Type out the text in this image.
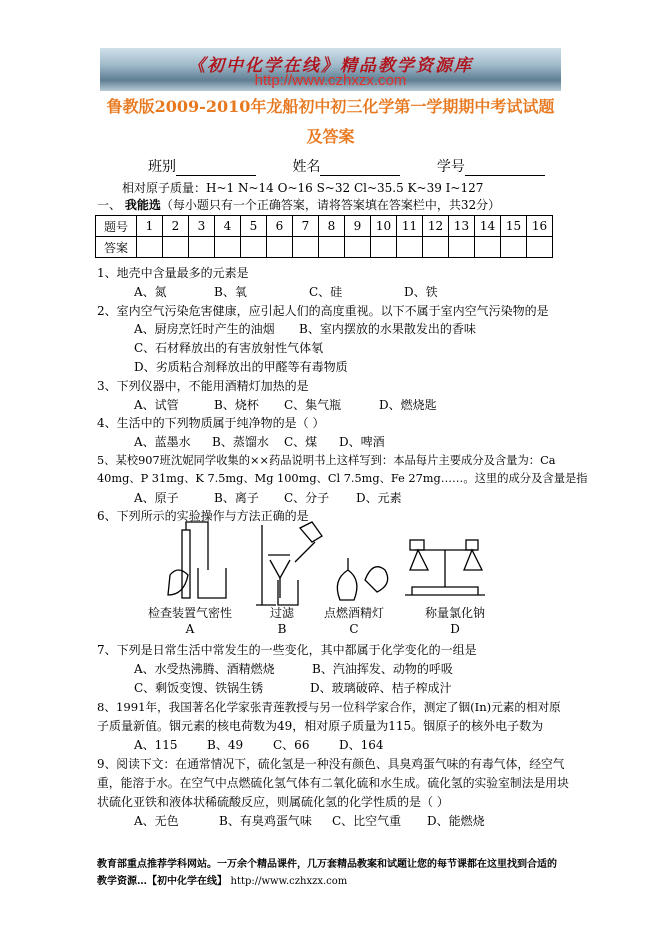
《初中化学在线》精品教学资源库
http://www.czhxzx.com
鲁教版2009-2010年龙船初中初三化学第一学期期中考试试题
及答案
班别	姓名	学号
相对原子质量：H~1 N~14 O~16 S~32 Cl~35.5 K~39 I~127
一、 我能选（每小题只有一个正确答案，请将答案填在答案栏中，共32分）
题号	1	2	3	4	5	6	7	8	9	10	11	12	13	14	15	16
答案																
1、地壳中含量最多的元素是
A、氮	B、氧	C、硅	D、铁
2、室内空气污染危害健康，应引起人们的高度重视。以下不属于室内空气污染物的是
A、厨房烹饪时产生的油烟 B、室内摆放的水果散发出的香味
C、石材释放出的有害放射性气体氡
D、劣质粘合剂释放出的甲醛等有毒物质
3、下列仪器中，不能用酒精灯加热的是
A、试管	B、烧杯 C、集气瓶	D、燃烧匙
4、生活中的下列物质属于纯净物的是（ ）
A、蓝墨水 B、蒸馏水 C、煤 D、啤酒
5、某校907班沈妮同学收集的××药品说明书上这样写到：本品每片主要成分及含量为：Ca
40mg、P 31mg、K 7.5mg、Mg 100mg、Cl 7.5mg、Fe 27mg……。这里的成分及含量是指
A、原子	B、离子 C、分子 D、元素
6、下列所示的实验操作与方法正确的是
检查装置气密性
A
过滤
B
点燃酒精灯
C
称量氯化钠
D
7、下列是日常生活中常发生的一些变化，其中都属于化学变化的一组是
A、水受热沸腾、酒精燃烧	B、汽油挥发、动物的呼吸
C、剩饭变馊、铁锅生锈	D、玻璃破碎、桔子榨成汁
8、1991年，我国著名化学家张青莲教授与另一位科学家合作，测定了铟(In)元素的相对原
子质量新值。铟元素的核电荷数为49，相对原子质量为115。铟原子的核外电子数为
A、115 B、49 C、66 D、164
9、阅读下文：在通常情况下，硫化氢是一种没有颜色、具臭鸡蛋气味的有毒气体，经空气
重，能溶于水。在空气中点燃硫化氢气体有二氧化硫和水生成。硫化氢的实验室制法是用块
状硫化亚铁和液体状稀硫酸反应，则属硫化氢的化学性质的是（ ）
A、无色	B、有臭鸡蛋气味 C、比空气重 D、能燃烧
教育部重点推荐学科网站。一万余个精品课件，几万套精品教案和试题让您的每节课都在这里找到合适的
教学资源…【初中化学在线】 http://www.czhxzx.com
